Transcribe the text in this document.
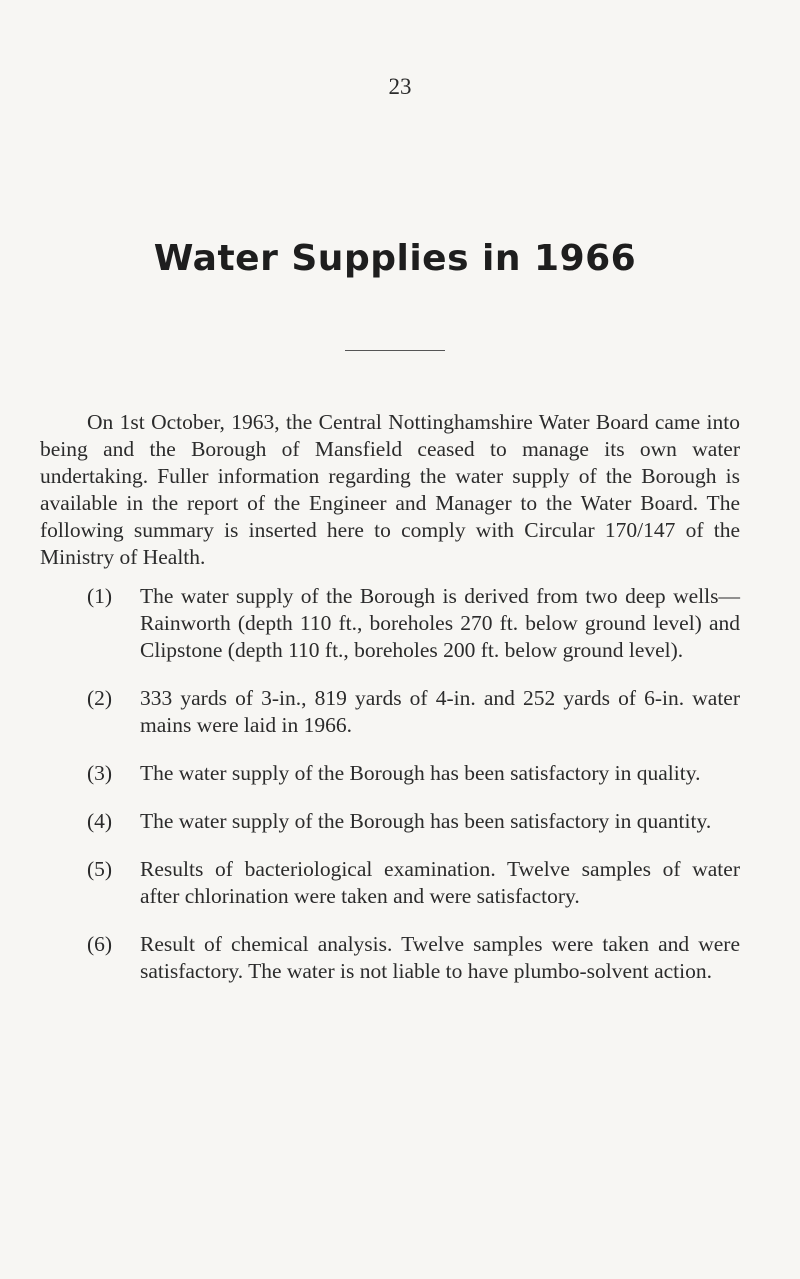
23
Water Supplies in 1966

On 1st October, 1963, the Central Nottinghamshire Water Board came into being and the Borough of Mansfield ceased to manage its own water undertaking. Fuller information regarding the water supply of the Borough is available in the report of the Engineer and Manager to the Water Board. The following summary is inserted here to comply with Circular 170/147 of the Ministry of Health.

(1) The water supply of the Borough is derived from two deep wells—Rainworth (depth 110 ft., boreholes 270 ft. below ground level) and Clipstone (depth 110 ft., boreholes 200 ft. below ground level).
(2) 333 yards of 3-in., 819 yards of 4-in. and 252 yards of 6-in. water mains were laid in 1966.
(3) The water supply of the Borough has been satisfactory in quality.
(4) The water supply of the Borough has been satisfactory in quantity.
(5) Results of bacteriological examination. Twelve samples of water after chlorination were taken and were satisfactory.
(6) Result of chemical analysis. Twelve samples were taken and were satisfactory. The water is not liable to have plumbo-solvent action.
